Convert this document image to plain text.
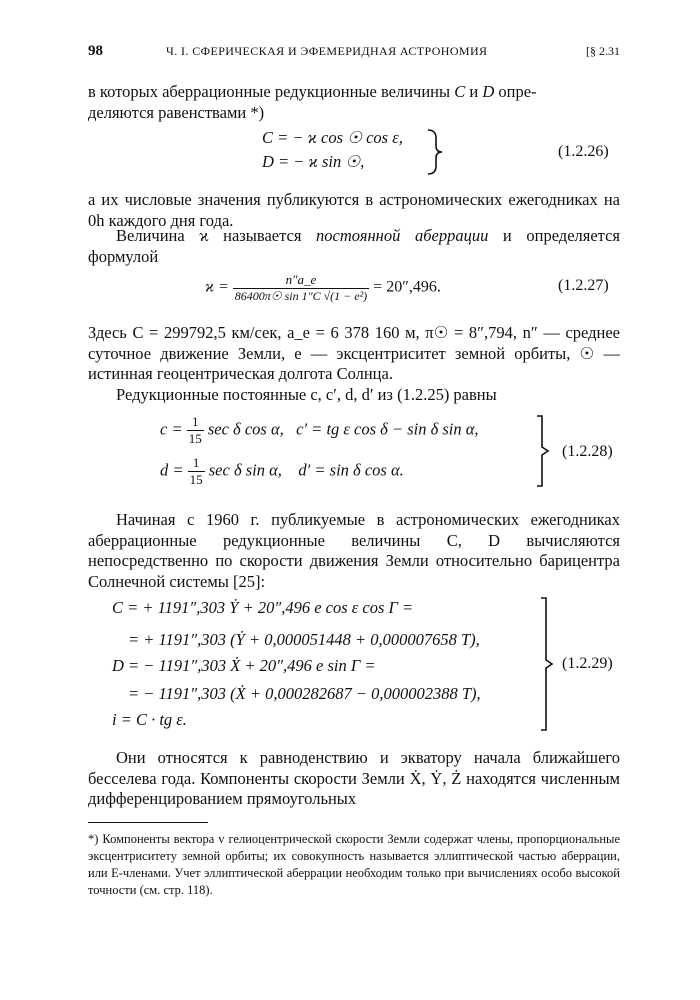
98	Ч. I. СФЕРИЧЕСКАЯ И ЭФЕМЕРИДНАЯ АСТРОНОМИЯ	[§ 2.31
в которых аберрационные редукционные величины C и D опре-
деляются равенствами *)
C = − ϰ cos ☉ cos ε,
D = − ϰ sin ☉,
(1.2.26)
а их числовые значения публикуются в астрономических ежегодниках на 0h каждого дня года.
Величина ϰ называется постоянной аберрации и определяется формулой
$ϰ = \frac{n''a\_e}{\text{86400π☉ sin 1″C √(1 − e²)}} = 20'',496$.	(1.2.27)
Здесь C = 299792,5 км/сек, a_e = 6 378 160 м, π☉ = 8″,794, n″ — среднее суточное движение Земли, e — эксцентриситет земной орбиты, ☉ — истинная геоцентрическая долгота Солнца.
Редукционные постоянные c, c′, d, d′ из (1.2.25) равны
$c = \frac{1}{15}$ sec δ cos α, c′ = tg ε cos δ − sin δ sin α,
$d = \frac{1}{15}$ sec δ sin α, d′ = sin δ cos α.
(1.2.28)
Начиная с 1960 г. публикуемые в астрономических ежегодниках аберрационные редукционные величины C, D вычисляются непосредственно по скорости движения Земли относительно барицентра Солнечной системы [25]:
C = + 1191″,303 Ẏ + 20″,496 e cos ε cos Γ =
= + 1191″,303 (Ẏ + 0,000051448 + 0,000007658 T),
D = − 1191″,303 Ẋ + 20″,496 e sin Γ =
= − 1191″,303 (Ẋ + 0,000282687 − 0,000002388 T),
i = C · tg ε.
(1.2.29)
Они относятся к равноденствию и экватору начала ближайшего бесселева года. Компоненты скорости Земли Ẋ, Ẏ, Ż находятся численным дифференцированием прямоугольных
*) Компоненты вектора v гелиоцентрической скорости Земли содержат члены, пропорциональные эксцентриситету земной орбиты; их совокупность называется эллиптической частью аберрации, или E-членами. Учет эллиптической аберрации необходим только при вычислениях особо высокой точности (см. стр. 118).
